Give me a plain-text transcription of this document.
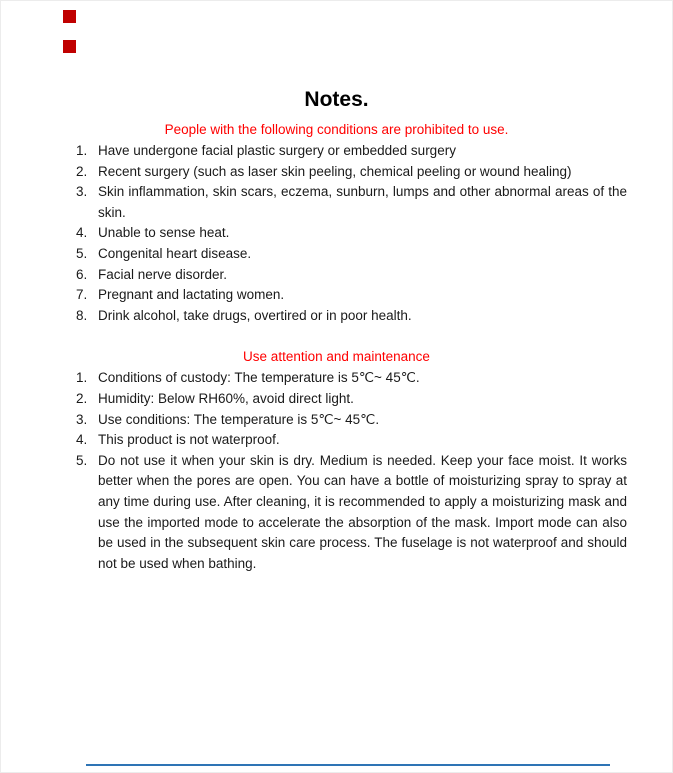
Notes.
People with the following conditions are prohibited to use.
Have undergone facial plastic surgery or embedded surgery
Recent surgery (such as laser skin peeling, chemical peeling or wound healing)
Skin inflammation, skin scars, eczema, sunburn, lumps and other abnormal areas of the skin.
Unable to sense heat.
Congenital heart disease.
Facial nerve disorder.
Pregnant and lactating women.
Drink alcohol, take drugs, overtired or in poor health.
Use attention and maintenance
Conditions of custody: The temperature is 5℃~ 45℃.
Humidity: Below RH60%, avoid direct light.
Use conditions: The temperature is 5℃~ 45℃.
This product is not waterproof.
Do not use it when your skin is dry. Medium is needed. Keep your face moist. It works better when the pores are open. You can have a bottle of moisturizing spray to spray at any time during use. After cleaning, it is recommended to apply a moisturizing mask and use the imported mode to accelerate the absorption of the mask. Import mode can also be used in the subsequent skin care process. The fuselage is not waterproof and should not be used when bathing.
